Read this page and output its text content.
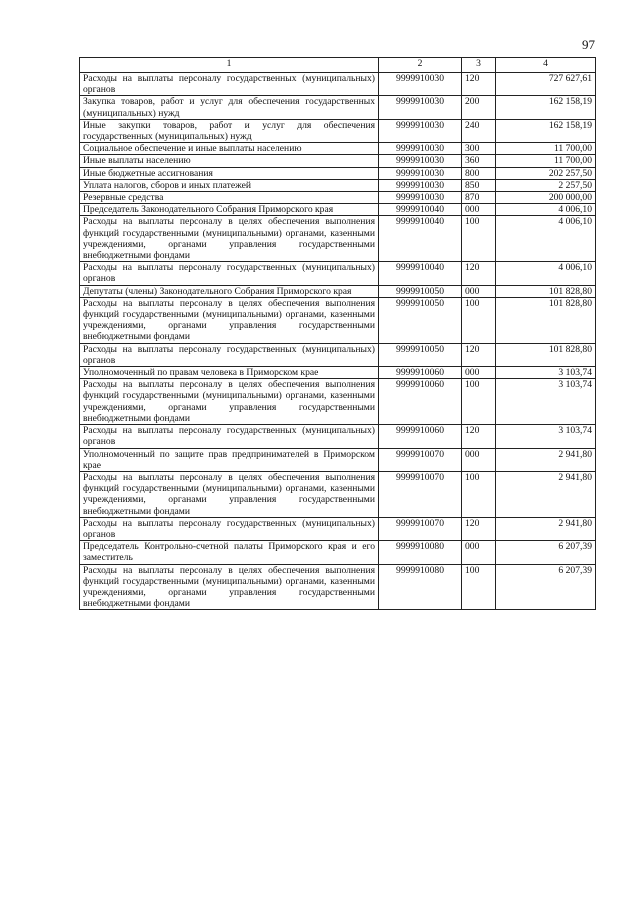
97
1	2	3	4
Расходы на выплаты персоналу государственных (муниципальных) органов	9999910030	120	727 627,61
Закупка товаров, работ и услуг для обеспечения государственных (муниципальных) нужд	9999910030	200	162 158,19
Иные закупки товаров, работ и услуг для обеспечения государственных (муниципальных) нужд	9999910030	240	162 158,19
Социальное обеспечение и иные выплаты населению	9999910030	300	11 700,00
Иные выплаты населению	9999910030	360	11 700,00
Иные бюджетные ассигнования	9999910030	800	202 257,50
Уплата налогов, сборов и иных платежей	9999910030	850	2 257,50
Резервные средства	9999910030	870	200 000,00
Председатель Законодательного Собрания Приморского края	9999910040	000	4 006,10
Расходы на выплаты персоналу в целях обеспечения выполнения функций государственными (муниципальными) органами, казенными учреждениями, органами управления государственными внебюджетными фондами	9999910040	100	4 006,10
Расходы на выплаты персоналу государственных (муниципальных) органов	9999910040	120	4 006,10
Депутаты (члены) Законодательного Собрания Приморского края	9999910050	000	101 828,80
Расходы на выплаты персоналу в целях обеспечения выполнения функций государственными (муниципальными) органами, казенными учреждениями, органами управления государственными внебюджетными фондами	9999910050	100	101 828,80
Расходы на выплаты персоналу государственных (муниципальных) органов	9999910050	120	101 828,80
Уполномоченный по правам человека в Приморском крае	9999910060	000	3 103,74
Расходы на выплаты персоналу в целях обеспечения выполнения функций государственными (муниципальными) органами, казенными учреждениями, органами управления государственными внебюджетными фондами	9999910060	100	3 103,74
Расходы на выплаты персоналу государственных (муниципальных) органов	9999910060	120	3 103,74
Уполномоченный по защите прав предпринимателей в Приморском крае	9999910070	000	2 941,80
Расходы на выплаты персоналу в целях обеспечения выполнения функций государственными (муниципальными) органами, казенными учреждениями, органами управления государственными внебюджетными фондами	9999910070	100	2 941,80
Расходы на выплаты персоналу государственных (муниципальных) органов	9999910070	120	2 941,80
Председатель Контрольно-счетной палаты Приморского края и его заместитель	9999910080	000	6 207,39
Расходы на выплаты персоналу в целях обеспечения выполнения функций государственными (муниципальными) органами, казенными учреждениями, органами управления государственными внебюджетными фондами	9999910080	100	6 207,39
